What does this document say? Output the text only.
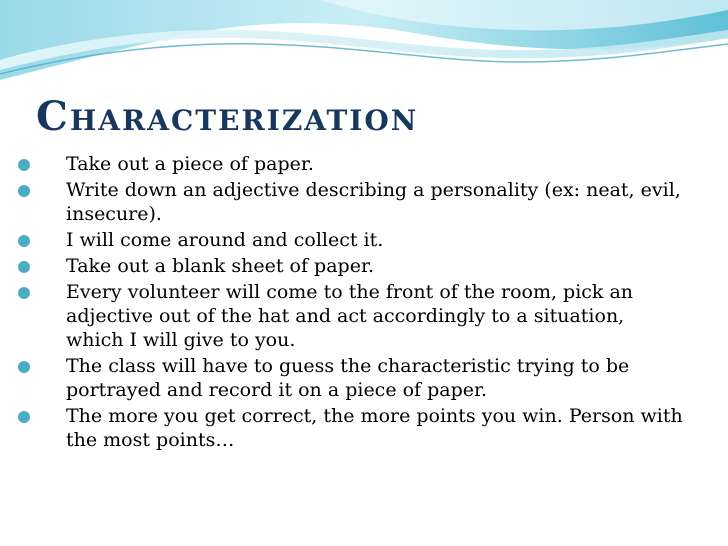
Characterization
Take out a piece of paper.
Write down an adjective describing a personality (ex: neat, evil, insecure).
I will come around and collect it.
Take out a blank sheet of paper.
Every volunteer will come to the front of the room, pick an adjective out of the hat and act accordingly to a situation, which I will give to you.
The class will have to guess the characteristic trying to be portrayed and record it on a piece of paper.
The more you get correct, the more points you win. Person with the most points…
